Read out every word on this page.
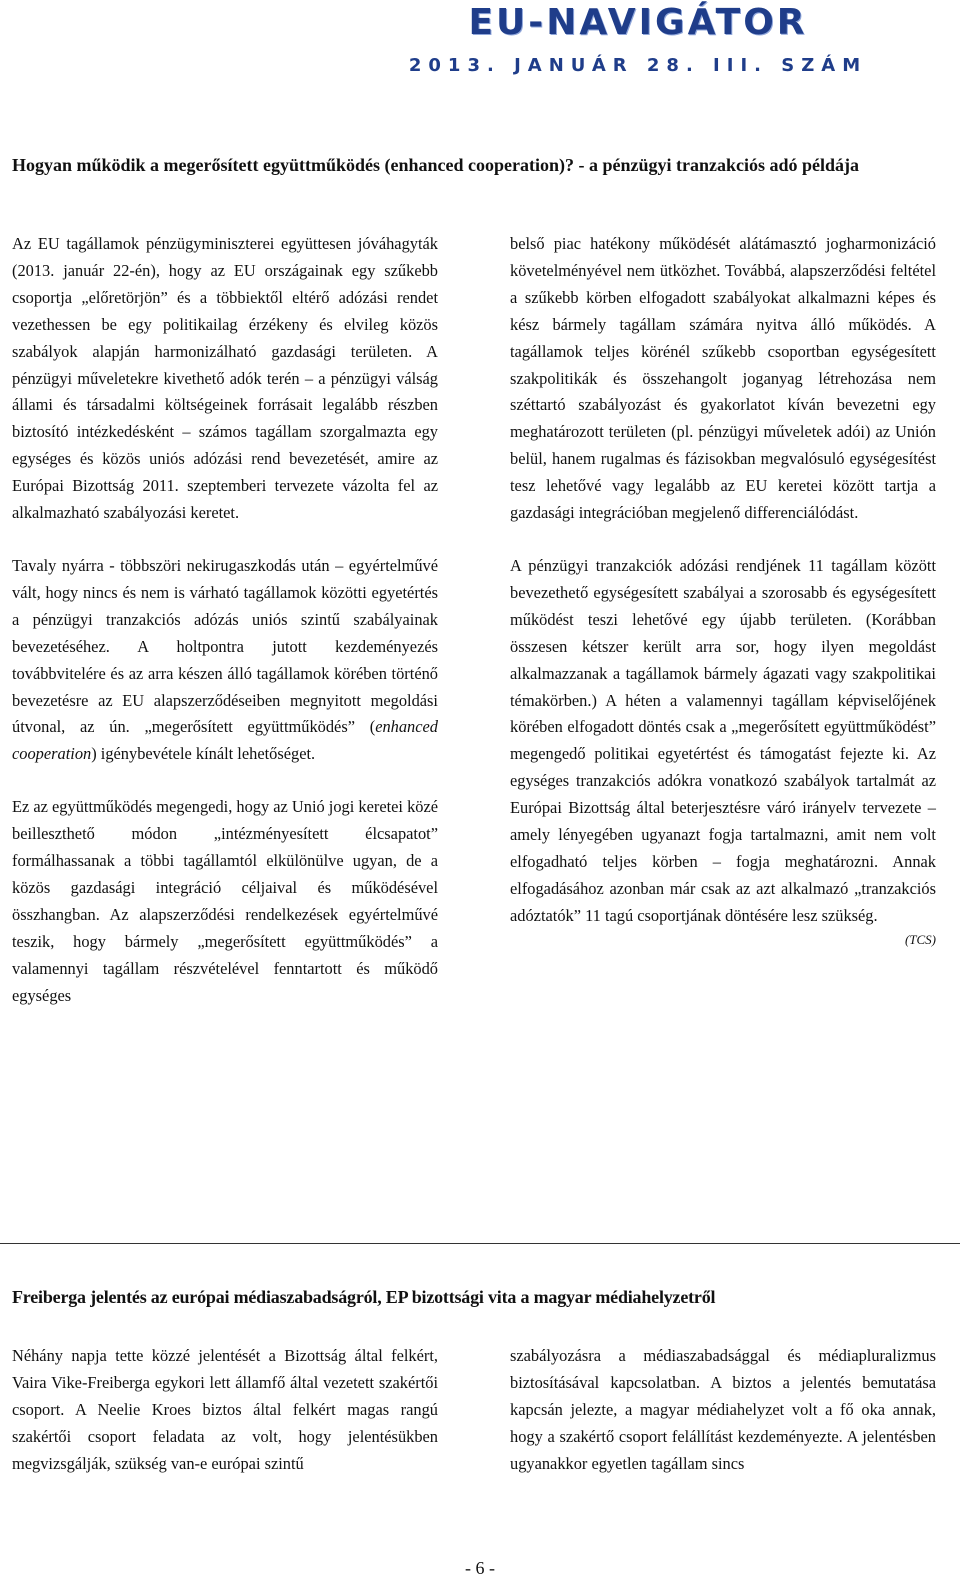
EU-NAVIGÁTOR
2013. JANUÁR 28. III. SZÁM
Hogyan működik a megerősített együttműködés (enhanced cooperation)? - a pénzügyi tranzakciós adó példája

Az EU tagállamok pénzügyminiszterei együttesen jóváhagyták (2013. január 22-én), hogy az EU országainak egy szűkebb csoportja „előretörjön” és a többiektől eltérő adózási rendet vezethessen be egy politikailag érzékeny és elvileg közös szabályok alapján harmonizálható gazdasági területen. A pénzügyi műveletekre kivethető adók terén – a pénzügyi válság állami és társadalmi költségeinek forrásait legalább részben biztosító intézkedésként – számos tagállam szorgalmazta egy egységes és közös uniós adózási rend bevezetését, amire az Európai Bizottság 2011. szeptemberi tervezete vázolta fel az alkalmazható szabályozási keretet.

Tavaly nyárra - többszöri nekirugaszkodás után – egyértelművé vált, hogy nincs és nem is várható tagállamok közötti egyetértés a pénzügyi tranzakciós adózás uniós szintű szabályainak bevezetéséhez. A holtpontra jutott kezdeményezés továbbvitelére és az arra készen álló tagállamok körében történő bevezetésre az EU alapszerződéseiben megnyitott megoldási útvonal, az ún. „megerősített együttműködés” (enhanced cooperation) igénybevétele kínált lehetőséget.

Ez az együttműködés megengedi, hogy az Unió jogi keretei közé beilleszthető módon „intézményesített élcsapatot” formálhassanak a többi tagállamtól elkülönülve ugyan, de a közös gazdasági integráció céljaival és működésével összhangban. Az alapszerződési rendelkezések egyértelművé teszik, hogy bármely „megerősített együttműködés” a valamennyi tagállam részvételével fenntartott és működő egységes

belső piac hatékony működését alátámasztó jogharmonizáció követelményével nem ütközhet. Továbbá, alapszerződési feltétel a szűkebb körben elfogadott szabályokat alkalmazni képes és kész bármely tagállam számára nyitva álló működés. A tagállamok teljes körénél szűkebb csoportban egységesített szakpolitikák és összehangolt joganyag létrehozása nem széttartó szabályozást és gyakorlatot kíván bevezetni egy meghatározott területen (pl. pénzügyi műveletek adói) az Unión belül, hanem rugalmas és fázisokban megvalósuló egységesítést tesz lehetővé vagy legalább az EU keretei között tartja a gazdasági integrációban megjelenő differenciálódást.

A pénzügyi tranzakciók adózási rendjének 11 tagállam között bevezethető egységesített szabályai a szorosabb és egységesített működést teszi lehetővé egy újabb területen. (Korábban összesen kétszer került arra sor, hogy ilyen megoldást alkalmazzanak a tagállamok bármely ágazati vagy szakpolitikai témakörben.) A héten a valamennyi tagállam képviselőjének körében elfogadott döntés csak a „megerősített együttműködést” megengedő politikai egyetértést és támogatást fejezte ki. Az egységes tranzakciós adókra vonatkozó szabályok tartalmát az Európai Bizottság által beterjesztésre váró irányelv tervezete – amely lényegében ugyanazt fogja tartalmazni, amit nem volt elfogadható teljes körben – fogja meghatározni. Annak elfogadásához azonban már csak az azt alkalmazó „tranzakciós adóztatók” 11 tagú csoportjának döntésére lesz szükség.

(TCS)

Freiberga jelentés az európai médiaszabadságról, EP bizottsági vita a magyar médiahelyzetről

Néhány napja tette közzé jelentését a Bizottság által felkért, Vaira Vike-Freiberga egykori lett államfő által vezetett szakértői csoport. A Neelie Kroes biztos által felkért magas rangú szakértői csoport feladata az volt, hogy jelentésükben megvizsgálják, szükség van-e európai szintű

szabályozásra a médiaszabadsággal és médiapluralizmus biztosításával kapcsolatban. A biztos a jelentés bemutatása kapcsán jelezte, a magyar médiahelyzet volt a fő oka annak, hogy a szakértő csoport felállítást kezdeményezte. A jelentésben ugyanakkor egyetlen tagállam sincs

- 6 -
